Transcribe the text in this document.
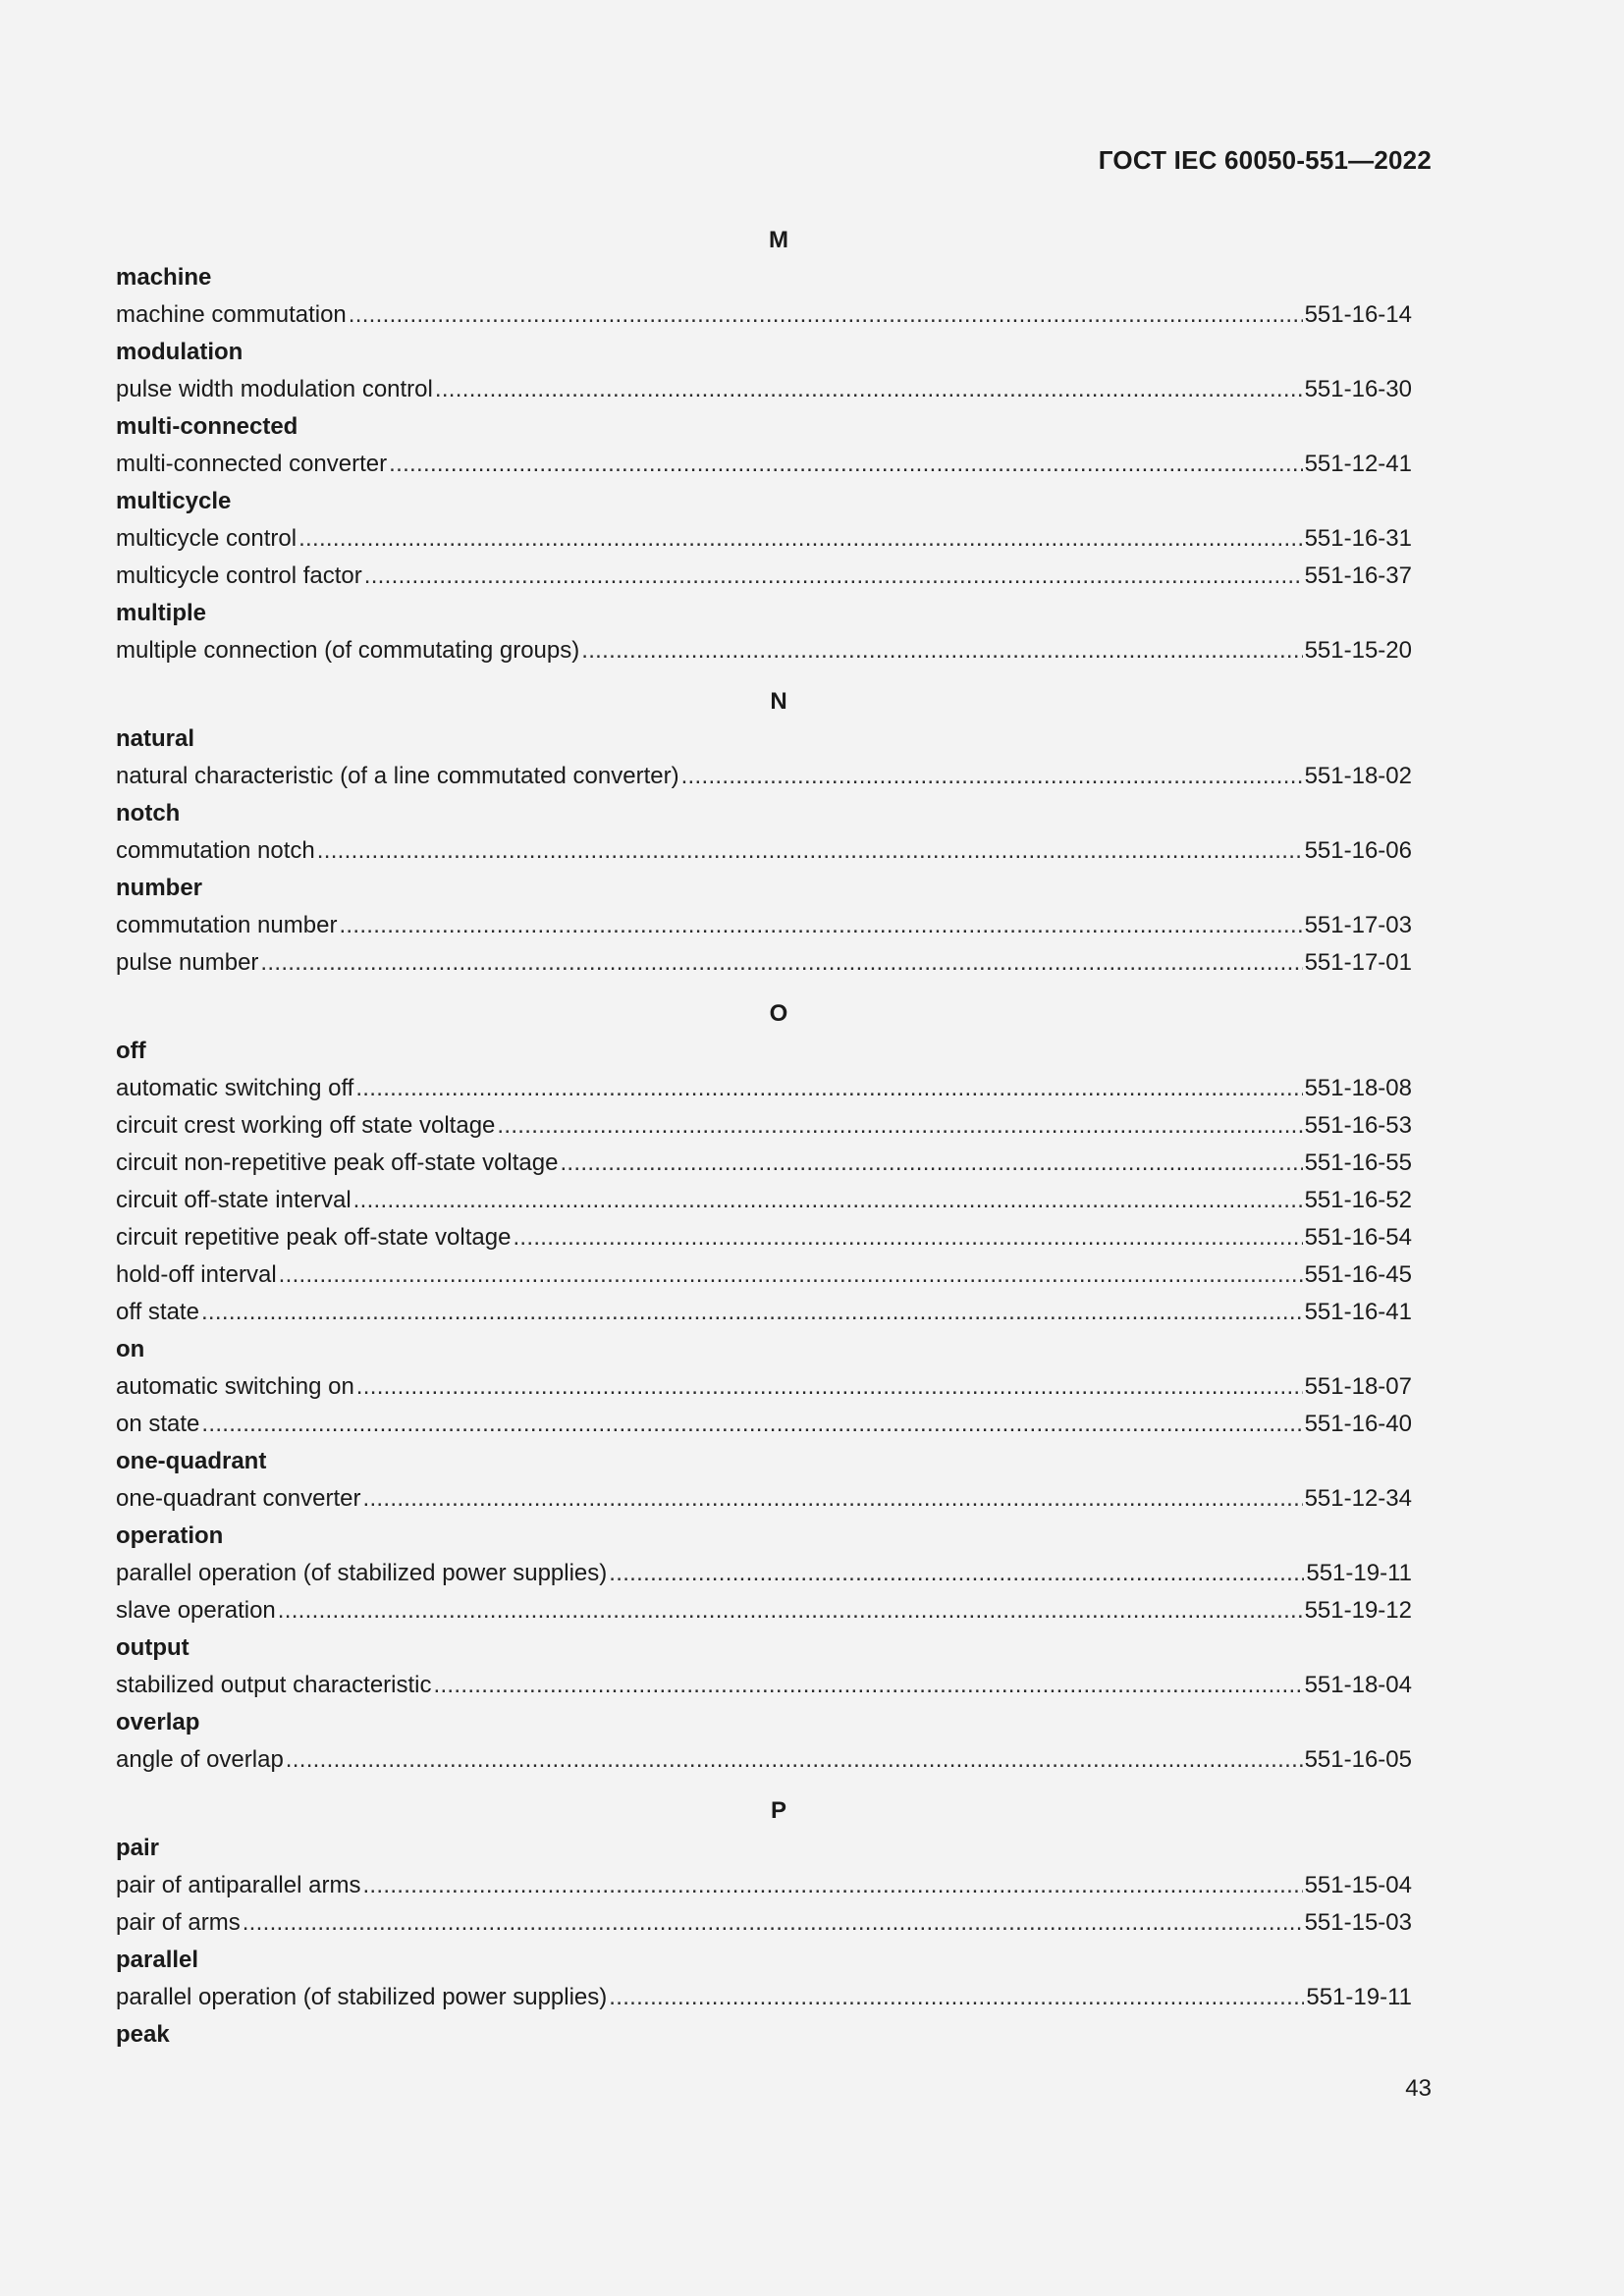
ГОСТ IEC 60050-551—2022
M
machine
machine commutation .....	551-16-14
modulation
pulse width modulation control .....	551-16-30
multi-connected
multi-connected converter .....	551-12-41
multicycle
multicycle control .....	551-16-31
multicycle control factor .....	551-16-37
multiple
multiple connection (of commutating groups) .....	551-15-20
N
natural
natural characteristic (of a line commutated converter) .....	551-18-02
notch
commutation notch .....	551-16-06
number
commutation number .....	551-17-03
pulse number .....	551-17-01
O
off
automatic switching off .....	551-18-08
circuit crest working off state voltage .....	551-16-53
circuit non-repetitive peak off-state voltage .....	551-16-55
circuit off-state interval .....	551-16-52
circuit repetitive peak off-state voltage .....	551-16-54
hold-off interval .....	551-16-45
off state .....	551-16-41
on
automatic switching on .....	551-18-07
on state .....	551-16-40
one-quadrant
one-quadrant converter .....	551-12-34
operation
parallel operation (of stabilized power supplies) .....	551-19-11
slave operation .....	551-19-12
output
stabilized output characteristic .....	551-18-04
overlap
angle of overlap .....	551-16-05
P
pair
pair of antiparallel arms .....	551-15-04
pair of arms .....	551-15-03
parallel
parallel operation (of stabilized power supplies) .....	551-19-11
peak
43
